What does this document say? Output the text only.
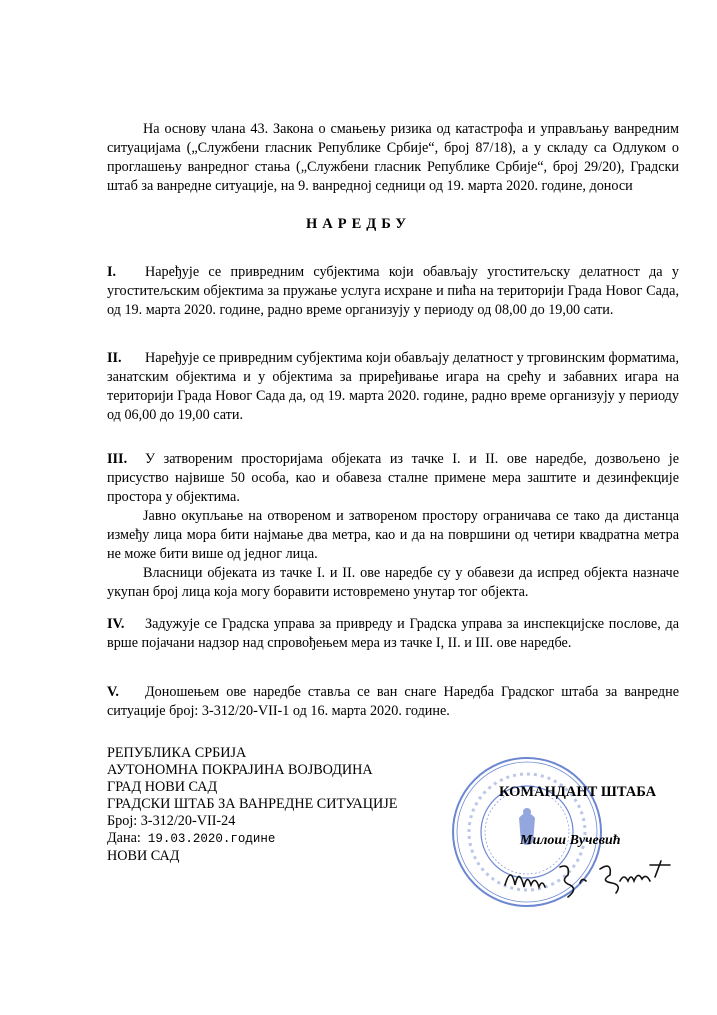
На основу члана 43. Закона о смањењу ризика од катастрофа и управљању ванредним ситуацијама („Службени гласник Републике Србије“, број 87/18), а у складу са Одлуком о проглашењу ванредног стања („Службени гласник Републике Србије“, број 29/20), Градски штаб за ванредне ситуације, на 9. ванредној седници од 19. марта 2020. године, доноси
НАРЕДБУ
I. Наређује се привредним субјектима који обављају угоститељску делатност да у угоститељским објектима за пружање услуга исхране и пића на територији Града Новог Сада, од 19. марта 2020. године, радно време организују у периоду од 08,00 до 19,00 сати.
II. Наређује се привредним субјектима који обављају делатност у трговинским форматима, занатским објектима и у објектима за приређивање игара на срећу и забавних игара на територији Града Новог Сада да, од 19. марта 2020. године, радно време организују у периоду од 06,00 до 19,00 сати.

III. У затвореним просторијама објеката из тачке I. и II. ове наредбе, дозвољено је присуство највише 50 особа, као и обавеза сталне примене мера заштите и дезинфекције простора у објектима.

Јавно окупљање на отвореном и затвореном простору ограничава се тако да дистанца између лица мора бити најмање два метра, као и да на површини од четири квадратна метра не може бити више од једног лица.

Власници објеката из тачке I. и II. ове наредбе су у обавези да испред објекта назначе укупан број лица која могу боравити истовремено унутар тог објекта.

IV. Задужује се Градска управа за привреду и Градска управа за инспекцијске послове, да врше појачани надзор над спровођењем мера из тачке I, II. и III. ове наредбе.
V. Доношењем ове наредбе ставља се ван снаге Наредба Градског штаба за ванредне ситуације број: 3-312/20-VII-1 од 16. марта 2020. године.
РЕПУБЛИКА СРБИЈА
АУТОНОМНА ПОКРАЈИНА ВОЈВОДИНА
ГРАД НОВИ САД
ГРАДСКИ ШТАБ ЗА ВАНРЕДНЕ СИТУАЦИЈЕ
Број: 3-312/20-VII-24
Дана: 19.03.2020.године
НОВИ САД
КОМАНДАНТ ШТАБА
Милош Вучевић
